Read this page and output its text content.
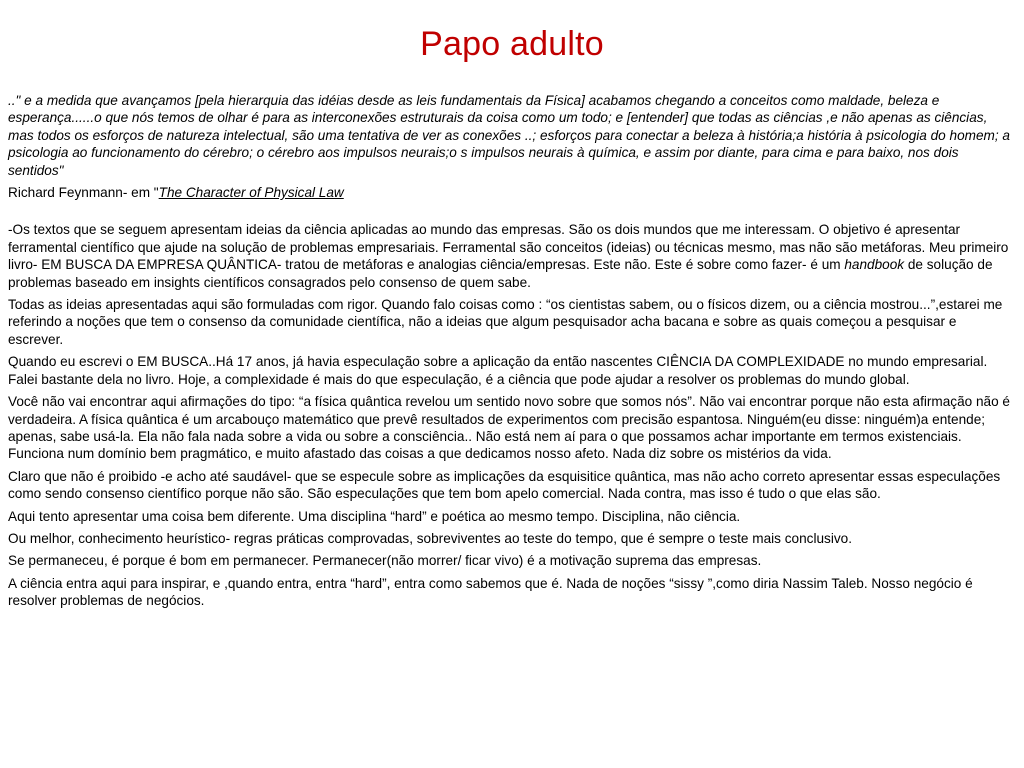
Papo adulto

.." e a medida que avançamos [pela hierarquia das idéias desde as leis fundamentais da Física] acabamos chegando a conceitos como maldade, beleza e esperança......o que nós temos de olhar é para as interconexões estruturais da coisa como um todo; e [entender] que todas as ciências ,e não apenas as ciências, mas todos os esforços de natureza intelectual, são uma tentativa de ver as conexões ..; esforços para conectar a beleza à história;a história à psicologia do homem; a psicologia ao funcionamento do cérebro; o cérebro aos impulsos neurais;o s impulsos neurais à química, e assim por diante, para cima e para baixo, nos dois sentidos"

Richard Feynmann- em "The Character of Physical Law

-Os textos que se seguem apresentam ideias da ciência aplicadas ao mundo das empresas. São os dois mundos que me interessam. O objetivo é apresentar ferramental científico que ajude na solução de problemas empresariais. Ferramental são conceitos (ideias) ou técnicas mesmo, mas não são metáforas. Meu primeiro livro- EM BUSCA DA EMPRESA QUÂNTICA- tratou de metáforas e analogias ciência/empresas. Este não. Este é sobre como fazer- é um handbook de solução de problemas baseado em insights científicos consagrados pelo consenso de quem sabe.

Todas as ideias apresentadas aqui são formuladas com rigor. Quando falo coisas como : “os cientistas sabem, ou o físicos dizem, ou a ciência mostrou...”,estarei me referindo a noções que tem o consenso da comunidade científica, não a ideias que algum pesquisador acha bacana e sobre as quais começou a pesquisar e escrever.

Quando eu escrevi o EM BUSCA..Há 17 anos, já havia especulação sobre a aplicação da então nascentes CIÊNCIA DA COMPLEXIDADE no mundo empresarial. Falei bastante dela no livro. Hoje, a complexidade é mais do que especulação, é a ciência que pode ajudar a resolver os problemas do mundo global.

Você não vai encontrar aqui afirmações do tipo: “a física quântica revelou um sentido novo sobre que somos nós”. Não vai encontrar porque não esta afirmação não é verdadeira. A física quântica é um arcabouço matemático que prevê resultados de experimentos com precisão espantosa. Ninguém(eu disse: ninguém)a entende; apenas, sabe usá-la. Ela não fala nada sobre a vida ou sobre a consciência.. Não está nem aí para o que possamos achar importante em termos existenciais. Funciona num domínio bem pragmático, e muito afastado das coisas a que dedicamos nosso afeto. Nada diz sobre os mistérios da vida.

Claro que não é proibido -e acho até saudável- que se especule sobre as implicações da esquisitice quântica, mas não acho correto apresentar essas especulações como sendo consenso científico porque não são. São especulações que tem bom apelo comercial. Nada contra, mas isso é tudo o que elas são.

Aqui tento apresentar uma coisa bem diferente. Uma disciplina “hard” e poética ao mesmo tempo. Disciplina, não ciência.

Ou melhor, conhecimento heurístico- regras práticas comprovadas, sobreviventes ao teste do tempo, que é sempre o teste mais conclusivo.

Se permaneceu, é porque é bom em permanecer. Permanecer(não morrer/ ficar vivo) é a motivação suprema das empresas.

A ciência entra aqui para inspirar, e ,quando entra, entra “hard”, entra como sabemos que é. Nada de noções “sissy ”,como diria Nassim Taleb. Nosso negócio é resolver problemas de negócios.
